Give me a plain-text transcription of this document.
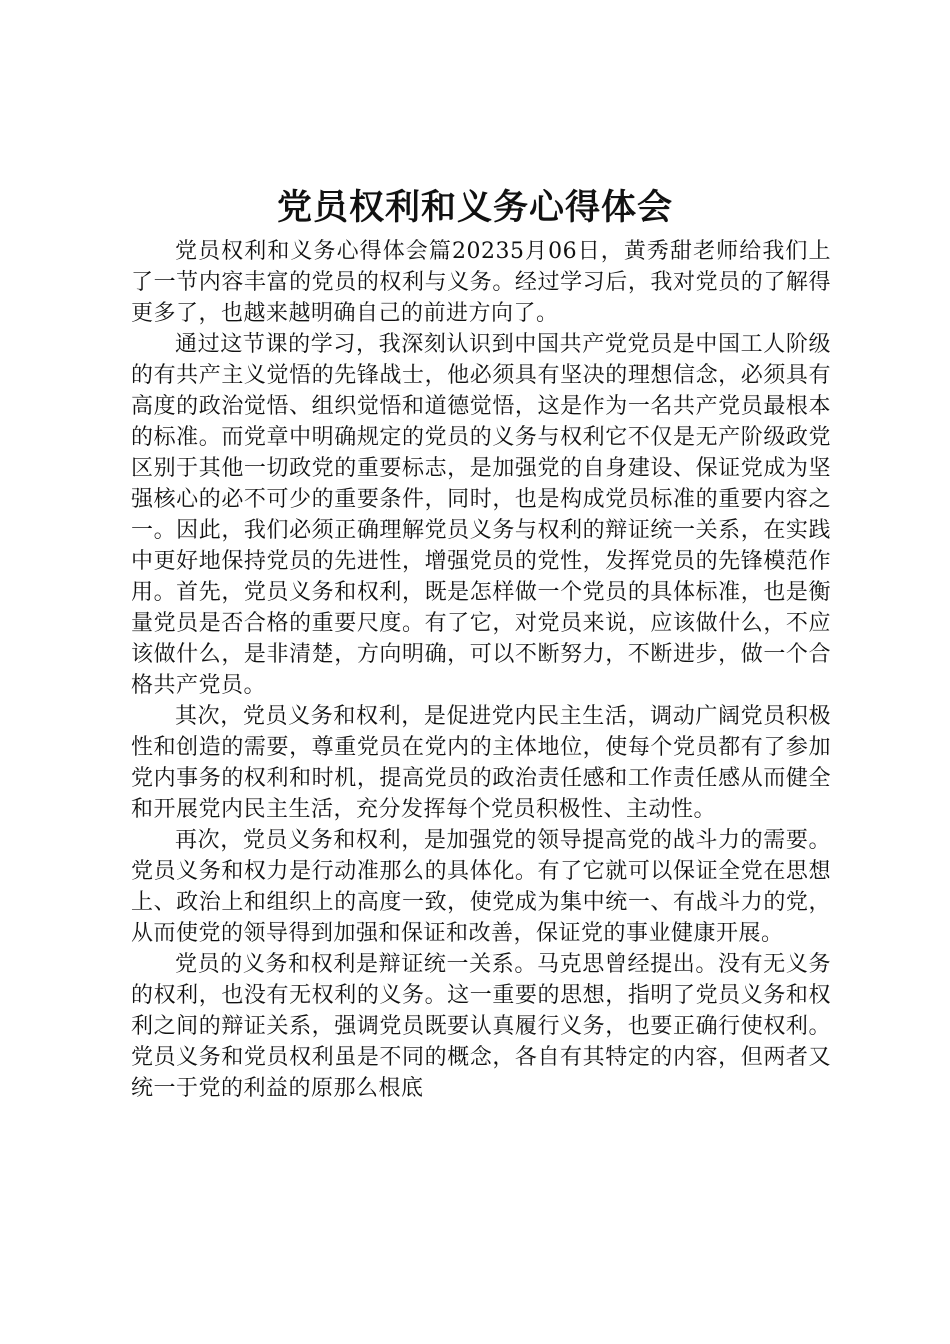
党员权利和义务心得体会

党员权利和义务心得体会篇20235月06日，黄秀甜老师给我们上了一节内容丰富的党员的权利与义务。经过学习后，我对党员的了解得更多了，也越来越明确自己的前进方向了。

通过这节课的学习，我深刻认识到中国共产党党员是中国工人阶级的有共产主义觉悟的先锋战士，他必须具有坚决的理想信念，必须具有高度的政治觉悟、组织觉悟和道德觉悟，这是作为一名共产党员最根本的标准。而党章中明确规定的党员的义务与权利它不仅是无产阶级政党区别于其他一切政党的重要标志，是加强党的自身建设、保证党成为坚强核心的必不可少的重要条件，同时，也是构成党员标准的重要内容之一。因此，我们必须正确理解党员义务与权利的辩证统一关系，在实践中更好地保持党员的先进性，增强党员的党性，发挥党员的先锋模范作用。首先，党员义务和权利，既是怎样做一个党员的具体标准，也是衡量党员是否合格的重要尺度。有了它，对党员来说，应该做什么，不应该做什么，是非清楚，方向明确，可以不断努力，不断进步，做一个合格共产党员。

其次，党员义务和权利，是促进党内民主生活，调动广阔党员积极性和创造的需要，尊重党员在党内的主体地位，使每个党员都有了参加党内事务的权利和时机，提高党员的政治责任感和工作责任感从而健全和开展党内民主生活，充分发挥每个党员积极性、主动性。

再次，党员义务和权利，是加强党的领导提高党的战斗力的需要。党员义务和权力是行动准那么的具体化。有了它就可以保证全党在思想上、政治上和组织上的高度一致，使党成为集中统一、有战斗力的党，从而使党的领导得到加强和保证和改善，保证党的事业健康开展。

党员的义务和权利是辩证统一关系。马克思曾经提出。没有无义务的权利，也没有无权利的义务。这一重要的思想，指明了党员义务和权利之间的辩证关系，强调党员既要认真履行义务，也要正确行使权利。党员义务和党员权利虽是不同的概念，各自有其特定的内容，但两者又统一于党的利益的原那么根底
